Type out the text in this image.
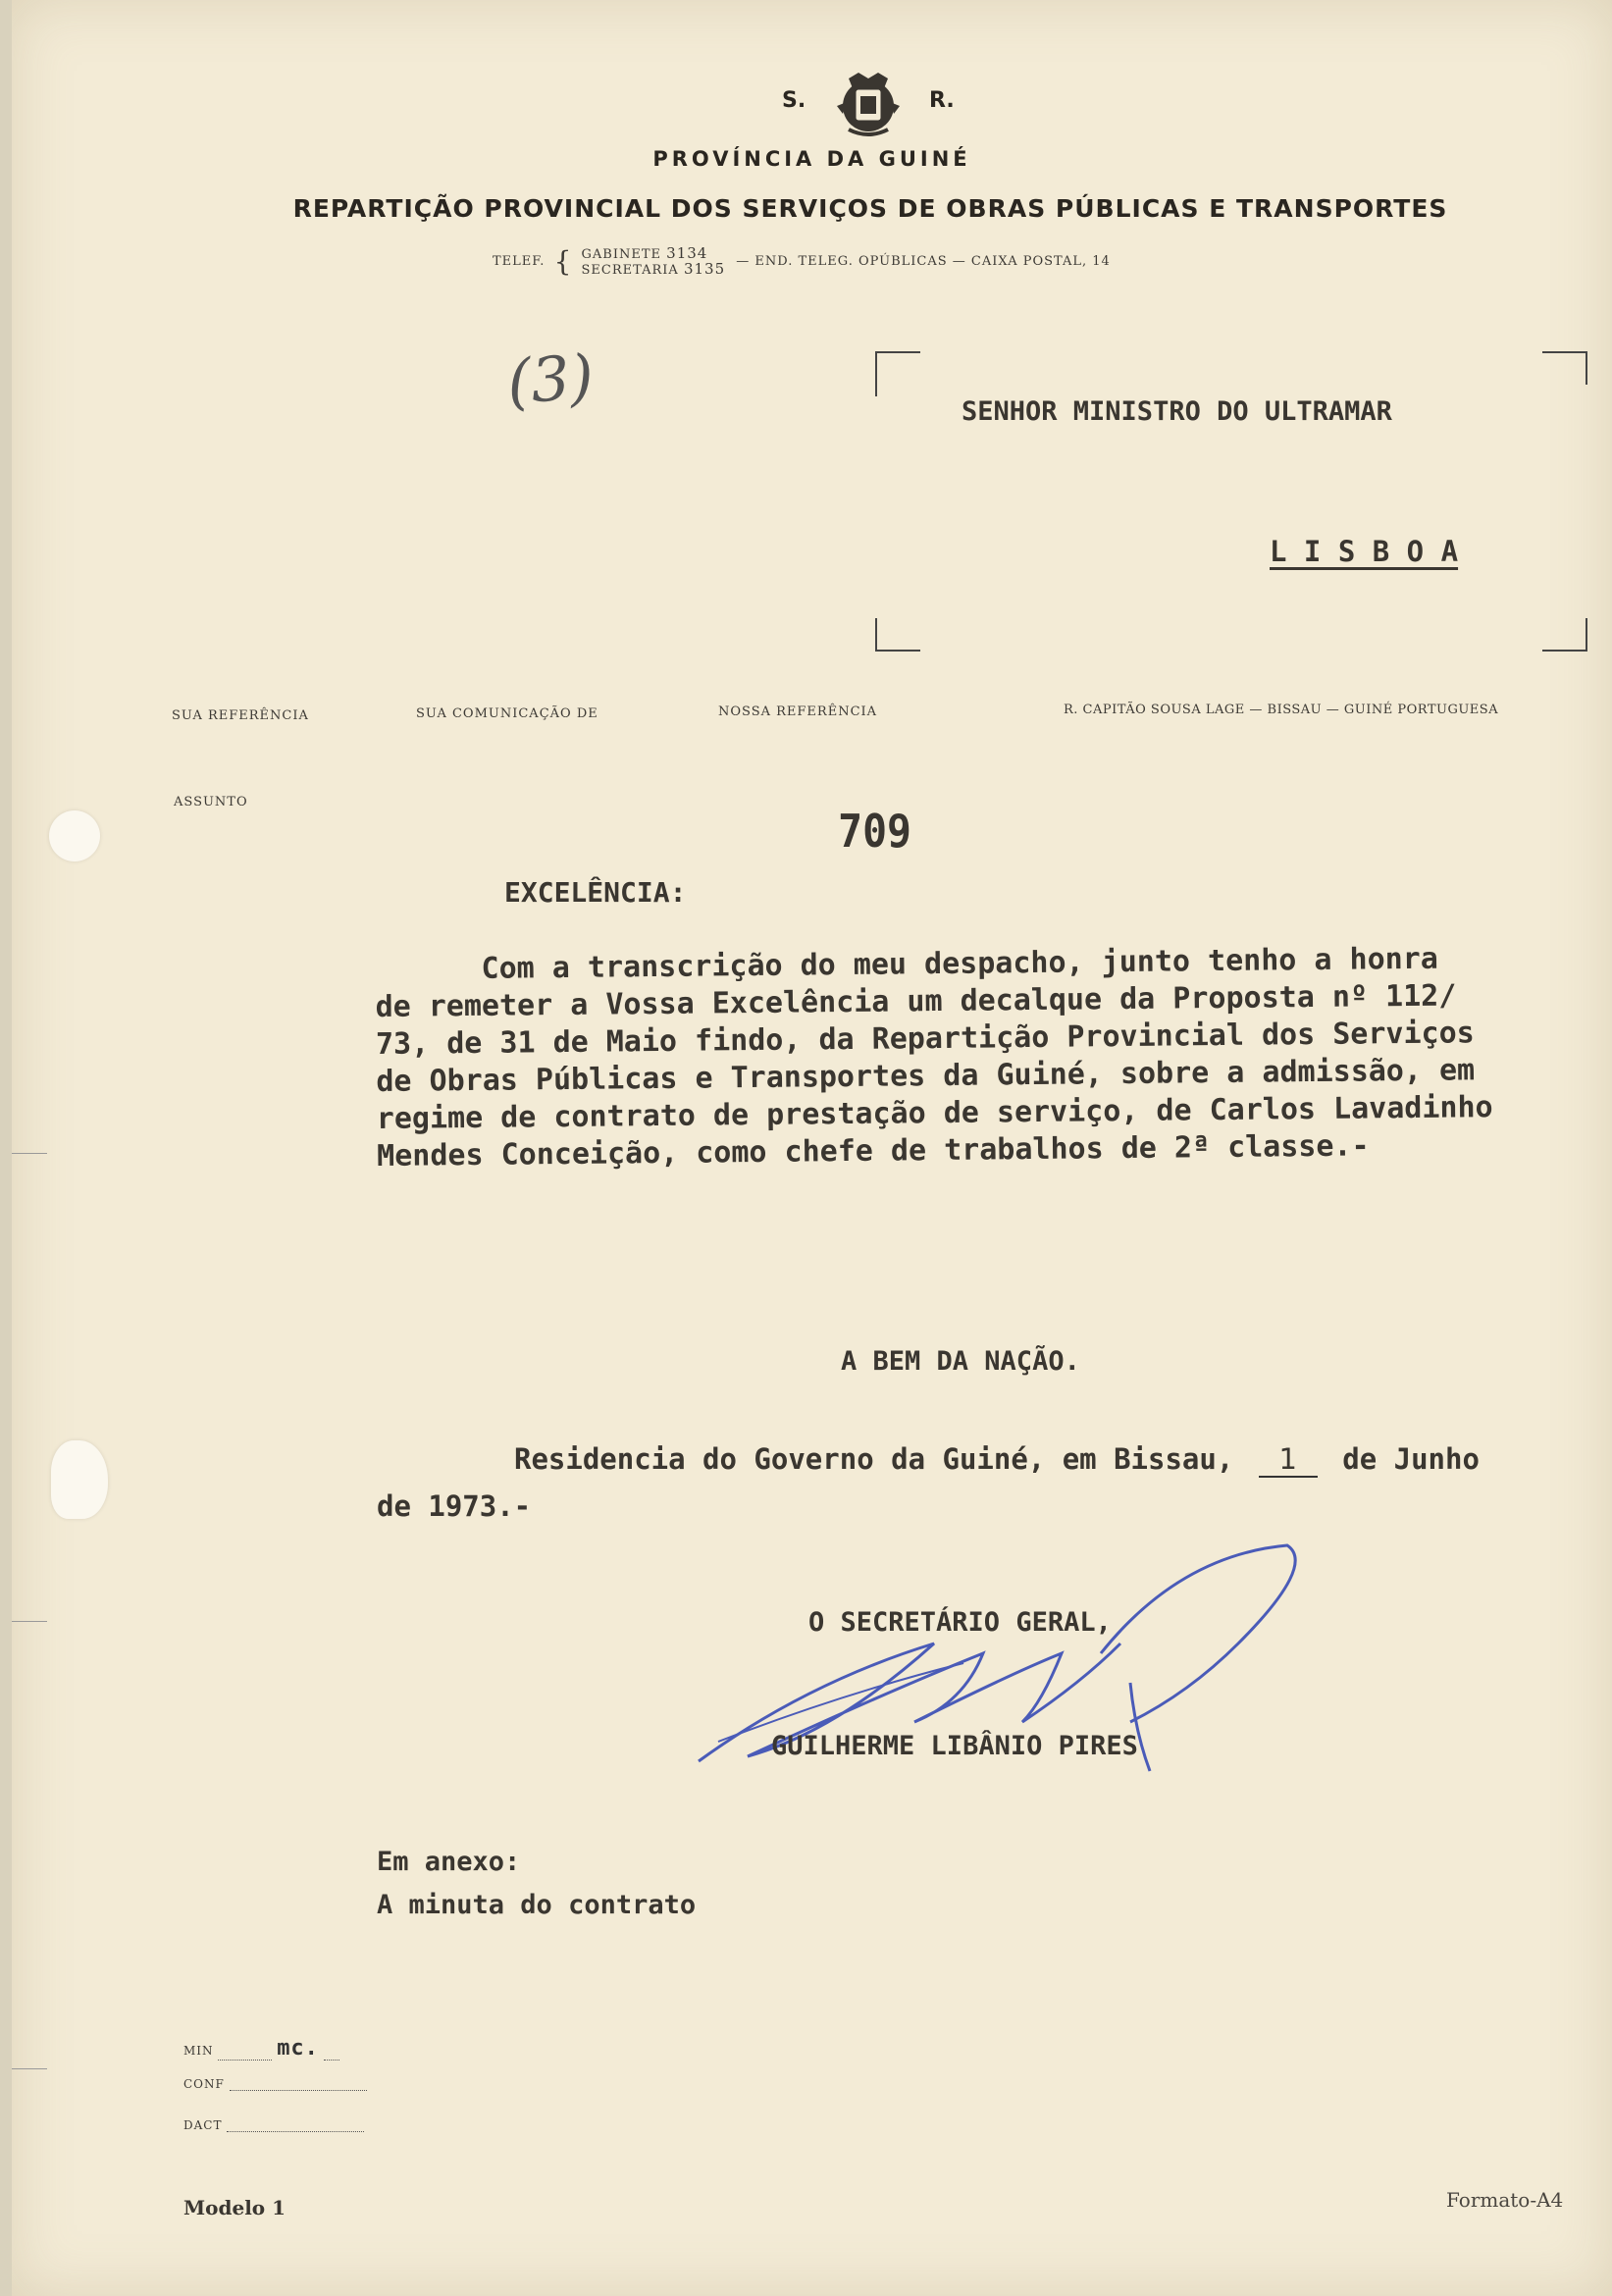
S.	R.
PROVÍNCIA DA GUINÉ
REPARTIÇÃO PROVINCIAL DOS SERVIÇOS DE OBRAS PÚBLICAS E TRANSPORTES
TELEF. { GABINETE 3134
SECRETARIA 3135 — END. TELEG. OPÚBLICAS — CAIXA POSTAL, 14
(3)	SENHOR MINISTRO DO ULTRAMAR
L I S B O A
SUA REFERÊNCIA	SUA COMUNICAÇÃO DE	NOSSA REFERÊNCIA	R. CAPITÃO SOUSA LAGE — BISSAU — GUINÉ PORTUGUESA
ASSUNTO
709
EXCELÊNCIA:
Com a transcrição do meu despacho, junto tenho a honra
de remeter a Vossa Excelência um decalque da Proposta nº 112/
73, de 31 de Maio findo, da Repartição Provincial dos Serviços
de Obras Públicas e Transportes da Guiné, sobre a admissão, em
regime de contrato de prestação de serviço, de Carlos Lavadinho
Mendes Conceição, como chefe de trabalhos de 2ª classe.-
A BEM DA NAÇÃO.
Residencia do Governo da Guiné, em Bissau, 1 de Junho
de 1973.-
O SECRETÁRIO GERAL,
GUILHERME LIBÂNIO PIRES
Em anexo:
A minuta do contrato
MIN	mc.
CONF
DACT
Modelo 1	Formato-A4
